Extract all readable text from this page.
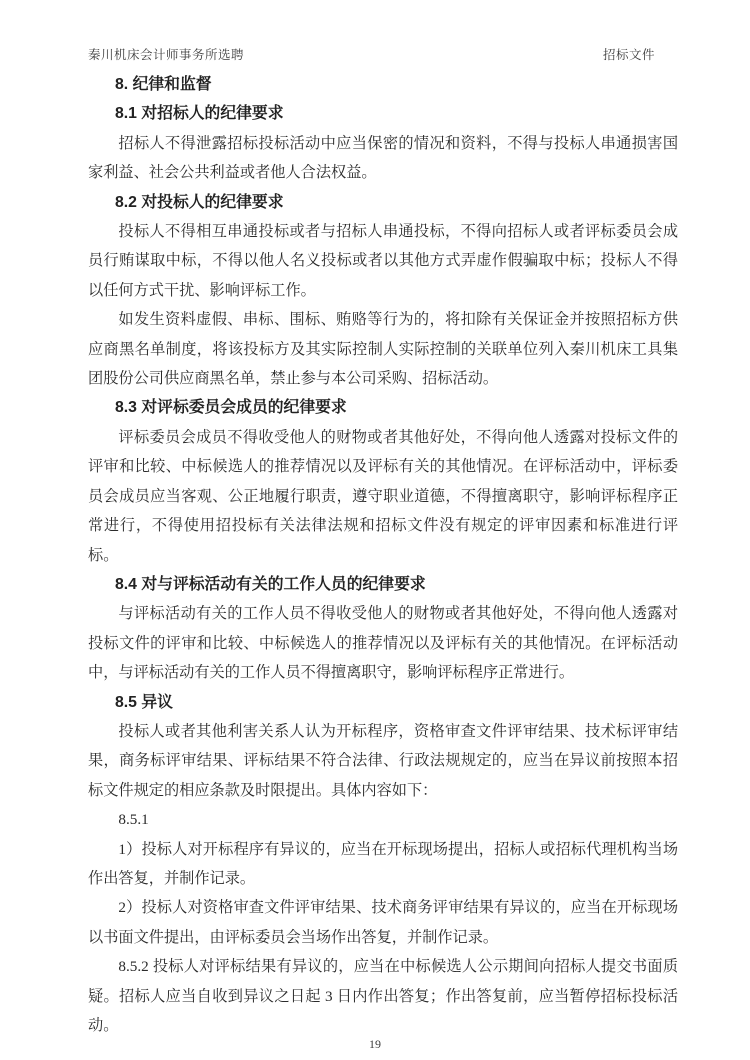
秦川机床会计师事务所选聘	招标文件
8. 纪律和监督
8.1 对招标人的纪律要求

招标人不得泄露招标投标活动中应当保密的情况和资料，不得与投标人串通损害国家利益、社会公共利益或者他人合法权益。

8.2 对投标人的纪律要求

投标人不得相互串通投标或者与招标人串通投标，不得向招标人或者评标委员会成员行贿谋取中标，不得以他人名义投标或者以其他方式弄虚作假骗取中标；投标人不得以任何方式干扰、影响评标工作。

如发生资料虚假、串标、围标、贿赂等行为的，将扣除有关保证金并按照招标方供应商黑名单制度，将该投标方及其实际控制人实际控制的关联单位列入秦川机床工具集团股份公司供应商黑名单，禁止参与本公司采购、招标活动。

8.3 对评标委员会成员的纪律要求

评标委员会成员不得收受他人的财物或者其他好处，不得向他人透露对投标文件的评审和比较、中标候选人的推荐情况以及评标有关的其他情况。在评标活动中，评标委员会成员应当客观、公正地履行职责，遵守职业道德，不得擅离职守，影响评标程序正常进行，不得使用招投标有关法律法规和招标文件没有规定的评审因素和标准进行评标。

8.4 对与评标活动有关的工作人员的纪律要求

与评标活动有关的工作人员不得收受他人的财物或者其他好处，不得向他人透露对投标文件的评审和比较、中标候选人的推荐情况以及评标有关的其他情况。在评标活动中，与评标活动有关的工作人员不得擅离职守，影响评标程序正常进行。

8.5 异议

投标人或者其他利害关系人认为开标程序，资格审查文件评审结果、技术标评审结果，商务标评审结果、评标结果不符合法律、行政法规规定的，应当在异议前按照本招标文件规定的相应条款及时限提出。具体内容如下：

8.5.1

1）投标人对开标程序有异议的，应当在开标现场提出，招标人或招标代理机构当场作出答复，并制作记录。

2）投标人对资格审查文件评审结果、技术商务评审结果有异议的，应当在开标现场以书面文件提出，由评标委员会当场作出答复，并制作记录。

8.5.2 投标人对评标结果有异议的，应当在中标候选人公示期间向招标人提交书面质疑。招标人应当自收到异议之日起 3 日内作出答复；作出答复前，应当暂停招标投标活动。

19
